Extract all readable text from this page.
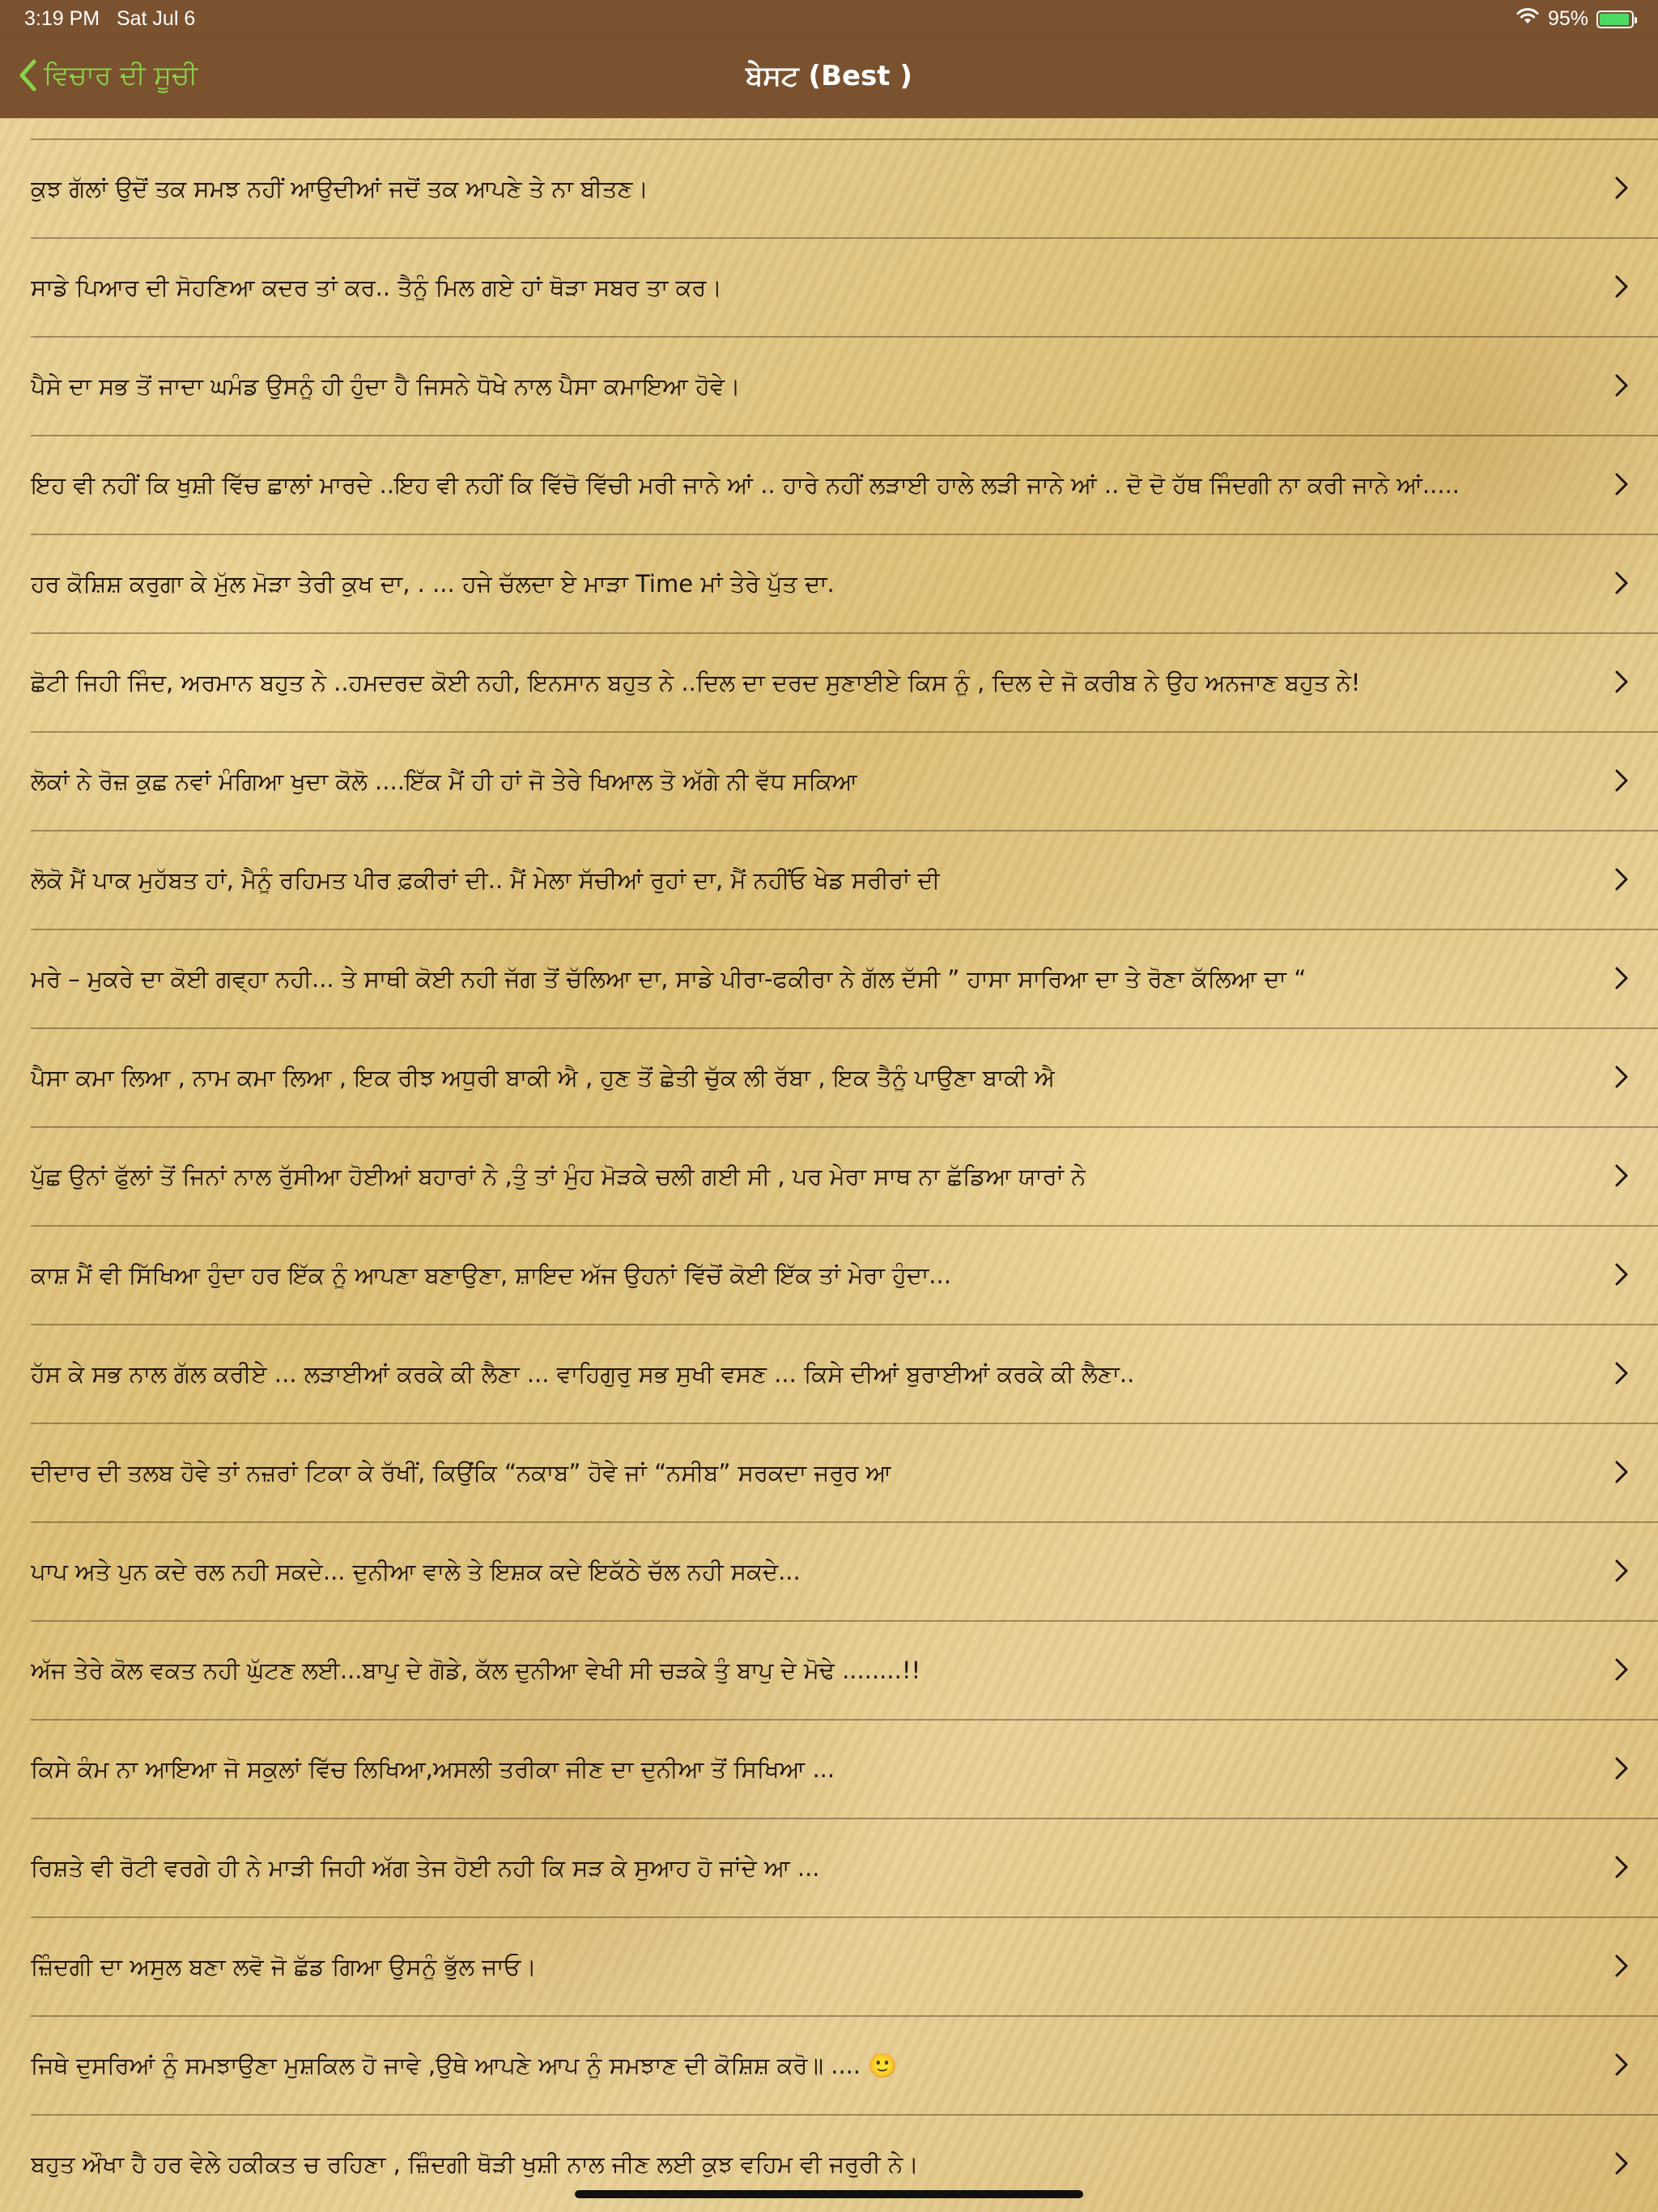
3:19 PM Sat Jul 6	95%
ਵਿਚਾਰ ਦੀ ਸੂਚੀ	ਬੇਸਟ (Best )
ਕੁਝ ਗੱਲਾਂ ਉਦੋਂ ਤਕ ਸਮਝ ਨਹੀਂ ਆਉਦੀਆਂ ਜਦੋਂ ਤਕ ਆਪਣੇ ਤੇ ਨਾ ਬੀਤਣ।
ਸਾਡੇ ਪਿਆਰ ਦੀ ਸੋਹਣਿਆ ਕਦਰ ਤਾਂ ਕਰ.. ਤੈਨੂੰ ਮਿਲ ਗਏ ਹਾਂ ਥੋੜਾ ਸਬਰ ਤਾ ਕਰ।
ਪੈਸੇ ਦਾ ਸਭ ਤੋਂ ਜਾਦਾ ਘਮੰਡ ਉਸਨੂੰ ਹੀ ਹੁੰਦਾ ਹੈ ਜਿਸਨੇ ਧੋਖੇ ਨਾਲ ਪੈਸਾ ਕਮਾਇਆ ਹੋਵੇ।
ਇਹ ਵੀ ਨਹੀਂ ਕਿ ਖੁਸ਼ੀ ਵਿੱਚ ਛਾਲਾਂ ਮਾਰਦੇ ..ਇਹ ਵੀ ਨਹੀਂ ਕਿ ਵਿੱਚੋ ਵਿੱਚੀ ਮਰੀ ਜਾਨੇ ਆਂ .. ਹਾਰੇ ਨਹੀਂ ਲੜਾਈ ਹਾਲੇ ਲੜੀ ਜਾਨੇ ਆਂ .. ਦੋ ਦੋ ਹੱਥ ਜਿੰਦਗੀ ਨਾ ਕਰੀ ਜਾਨੇ ਆਂ.....
ਹਰ ਕੋਸ਼ਿਸ਼ ਕਰੂਗਾ ਕੇ ਮੁੱਲ ਮੋੜਾ ਤੇਰੀ ਕੁਖ ਦਾ, . ... ਹਜੇ ਚੱਲਦਾ ਏ ਮਾੜਾ Time ਮਾਂ ਤੇਰੇ ਪੁੱਤ ਦਾ.
ਛੋਟੀ ਜਿਹੀ ਜਿੰਦ, ਅਰਮਾਨ ਬਹੁਤ ਨੇ ..ਹਮਦਰਦ ਕੋਈ ਨਹੀ, ਇਨਸਾਨ ਬਹੁਤ ਨੇ ..ਦਿਲ ਦਾ ਦਰਦ ਸੁਣਾਈਏ ਕਿਸ ਨੂੰ , ਦਿਲ ਦੇ ਜੋ ਕਰੀਬ ਨੇ ਉਹ ਅਨਜਾਣ ਬਹੁਤ ਨੇ!
ਲੋਕਾਂ ਨੇ ਰੋਜ਼ ਕੁਛ ਨਵਾਂ ਮੰਗਿਆ ਖੁਦਾ ਕੋਲੋ ....ਇੱਕ ਮੈਂ ਹੀ ਹਾਂ ਜੋ ਤੇਰੇ ਖਿਆਲ ਤੋ ਅੱਗੇ ਨੀ ਵੱਧ ਸਕਿਆ
ਲੋਕੋ ਮੈਂ ਪਾਕ ਮੁਹੱਬਤ ਹਾਂ, ਮੈਨੂੰ ਰਹਿਮਤ ਪੀਰ ਫ਼ਕੀਰਾਂ ਦੀ.. ਮੈਂ ਮੇਲਾ ਸੱਚੀਆਂ ਰੂਹਾਂ ਦਾ, ਮੈਂ ਨਹੀਂਓ ਖੇਡ ਸਰੀਰਾਂ ਦੀ
ਮਰੇ – ਮੁਕਰੇ ਦਾ ਕੋਈ ਗਵ੍ਹਾ ਨਹੀ... ਤੇ ਸਾਥੀ ਕੋਈ ਨਹੀ ਜੱਗ ਤੋਂ ਚੱਲਿਆ ਦਾ, ਸਾਡੇ ਪੀਰਾ-ਫਕੀਰਾ ਨੇ ਗੱਲ ਦੱਸੀ ” ਹਾਸਾ ਸਾਰਿਆ ਦਾ ਤੇ ਰੋਣਾ ਕੱਲਿਆ ਦਾ “
ਪੈਸਾ ਕਮਾ ਲਿਆ , ਨਾਮ ਕਮਾ ਲਿਆ , ਇਕ ਰੀਝ ਅਧੂਰੀ ਬਾਕੀ ਐ , ਹੁਣ ਤੋਂ ਛੇਤੀ ਚੁੱਕ ਲੀ ਰੱਬਾ , ਇਕ ਤੈਨੂੰ ਪਾਉਣਾ ਬਾਕੀ ਐ
ਪੁੱਛ ਉਨਾਂ ਫੁੱਲਾਂ ਤੋਂ ਜਿਨਾਂ ਨਾਲ ਰੁੱਸੀਆ ਹੋਈਆਂ ਬਹਾਰਾਂ ਨੇ ,ਤੂੰ ਤਾਂ ਮੂੰਹ ਮੋੜਕੇ ਚਲੀ ਗਈ ਸੀ , ਪਰ ਮੇਰਾ ਸਾਥ ਨਾ ਛੱਡਿਆ ਯਾਰਾਂ ਨੇ
ਕਾਸ਼ ਮੈਂ ਵੀ ਸਿੱਖਿਆ ਹੁੰਦਾ ਹਰ ਇੱਕ ਨੂੰ ਆਪਣਾ ਬਣਾਉਣਾ, ਸ਼ਾਇਦ ਅੱਜ ਉਹਨਾਂ ਵਿੱਚੋਂ ਕੋਈ ਇੱਕ ਤਾਂ ਮੇਰਾ ਹੁੰਦਾ...
ਹੱਸ ਕੇ ਸਭ ਨਾਲ ਗੱਲ ਕਰੀਏ ... ਲੜਾਈਆਂ ਕਰਕੇ ਕੀ ਲੈਣਾ ... ਵਾਹਿਗੁਰੂ ਸਭ ਸੁਖੀ ਵਸਣ ... ਕਿਸੇ ਦੀਆਂ ਬੁਰਾਈਆਂ ਕਰਕੇ ਕੀ ਲੈਣਾ..
ਦੀਦਾਰ ਦੀ ਤਲਬ ਹੋਵੇ ਤਾਂ ਨਜ਼ਰਾਂ ਟਿਕਾ ਕੇ ਰੱਖੀਂ, ਕਿਉਂਕਿ “ਨਕਾਬ” ਹੋਵੇ ਜਾਂ “ਨਸੀਬ” ਸਰਕਦਾ ਜਰੂਰ ਆ
ਪਾਪ ਅਤੇ ਪੁਨ ਕਦੇ ਰਲ ਨਹੀ ਸਕਦੇ... ਦੁਨੀਆ ਵਾਲੇ ਤੇ ਇਸ਼ਕ ਕਦੇ ਇਕੱਠੇ ਚੱਲ ਨਹੀ ਸਕਦੇ...
ਅੱਜ ਤੇਰੇ ਕੋਲ ਵਕਤ ਨਹੀ ਘੁੱਟਣ ਲਈ...ਬਾਪੂ ਦੇ ਗੋਡੇ, ਕੱਲ ਦੁਨੀਆ ਵੇਖੀ ਸੀ ਚੜਕੇ ਤੂੰ ਬਾਪੂ ਦੇ ਮੋਢੇ ........!!
ਕਿਸੇ ਕੰਮ ਨਾ ਆਇਆ ਜੋ ਸਕੂਲਾਂ ਵਿੱਚ ਲਿਖਿਆ,ਅਸਲੀ ਤਰੀਕਾ ਜੀਣ ਦਾ ਦੁਨੀਆ ਤੋਂ ਸਿਖਿਆ ...
ਰਿਸ਼ਤੇ ਵੀ ਰੋਟੀ ਵਰਗੇ ਹੀ ਨੇ ਮਾੜੀ ਜਿਹੀ ਅੱਗ ਤੇਜ ਹੋਈ ਨਹੀ ਕਿ ਸੜ ਕੇ ਸੁਆਹ ਹੋ ਜਾਂਦੇ ਆ ...
ਜ਼ਿੰਦਗੀ ਦਾ ਅਸੂਲ ਬਣਾ ਲਵੋ ਜੋ ਛੱਡ ਗਿਆ ਉਸਨੂੰ ਭੁੱਲ ਜਾਓ।
ਜਿਥੇ ਦੂਸਰਿਆਂ ਨੂੰ ਸਮਝਾਉਣਾ ਮੁਸ਼ਕਿਲ ਹੋ ਜਾਵੇ ,ਉਥੇ ਆਪਣੇ ਆਪ ਨੂੰ ਸਮਝਾਣ ਦੀ ਕੋਸ਼ਿਸ਼ ਕਰੋ॥ .... 🙂
ਬਹੁਤ ਔਖਾ ਹੈ ਹਰ ਵੇਲੇ ਹਕੀਕਤ ਚ ਰਹਿਣਾ , ਜ਼ਿੰਦਗੀ ਥੋੜੀ ਖੁਸ਼ੀ ਨਾਲ ਜੀਣ ਲਈ ਕੁਝ ਵਹਿਮ ਵੀ ਜਰੂਰੀ ਨੇ।
